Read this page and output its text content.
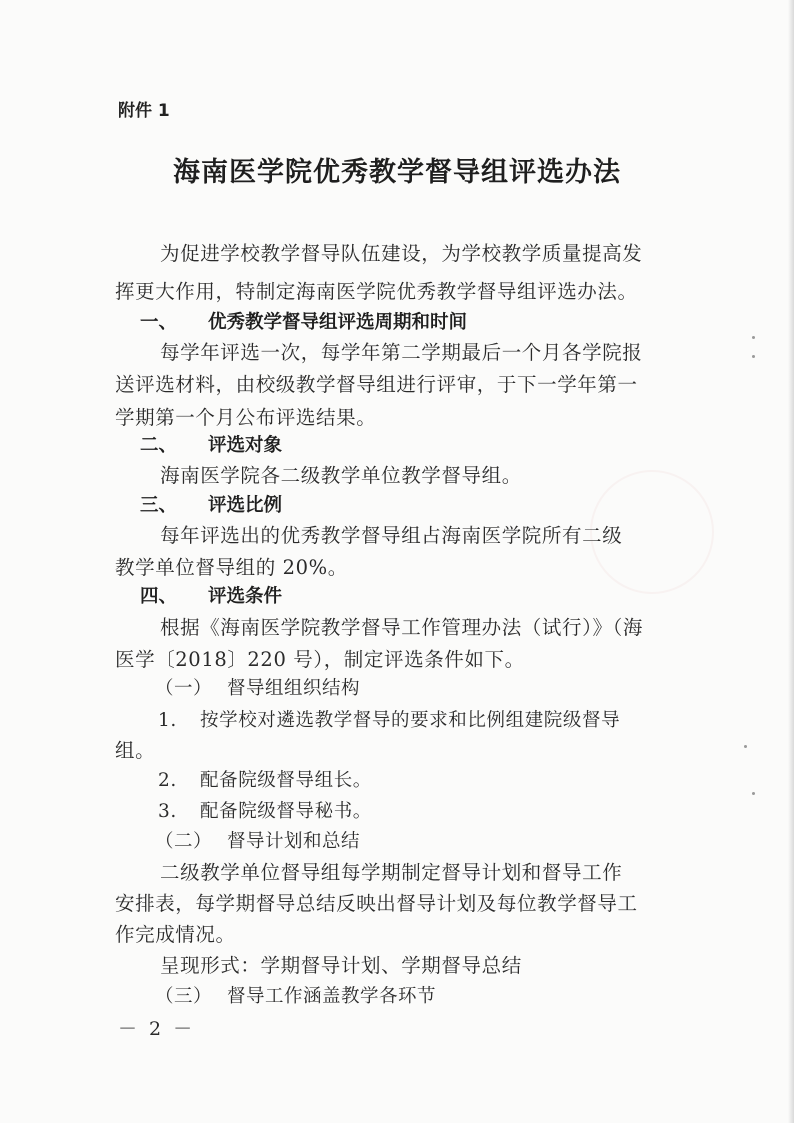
附件 1
海南医学院优秀教学督导组评选办法
为促进学校教学督导队伍建设，为学校教学质量提高发
挥更大作用，特制定海南医学院优秀教学督导组评选办法。
一、 优秀教学督导组评选周期和时间
每学年评选一次，每学年第二学期最后一个月各学院报
送评选材料，由校级教学督导组进行评审，于下一学年第一
学期第一个月公布评选结果。
二、 评选对象
海南医学院各二级教学单位教学督导组。
三、 评选比例
每年评选出的优秀教学督导组占海南医学院所有二级
教学单位督导组的 20%。
四、 评选条件
根据《海南医学院教学督导工作管理办法（试行）》（海
医学〔2018〕220 号），制定评选条件如下。
（一） 督导组组织结构
1. 按学校对遴选教学督导的要求和比例组建院级督导
组。
2. 配备院级督导组长。
3. 配备院级督导秘书。
（二） 督导计划和总结
二级教学单位督导组每学期制定督导计划和督导工作
安排表，每学期督导总结反映出督导计划及每位教学督导工
作完成情况。
呈现形式：学期督导计划、学期督导总结
（三） 督导工作涵盖教学各环节
－ 2 －
